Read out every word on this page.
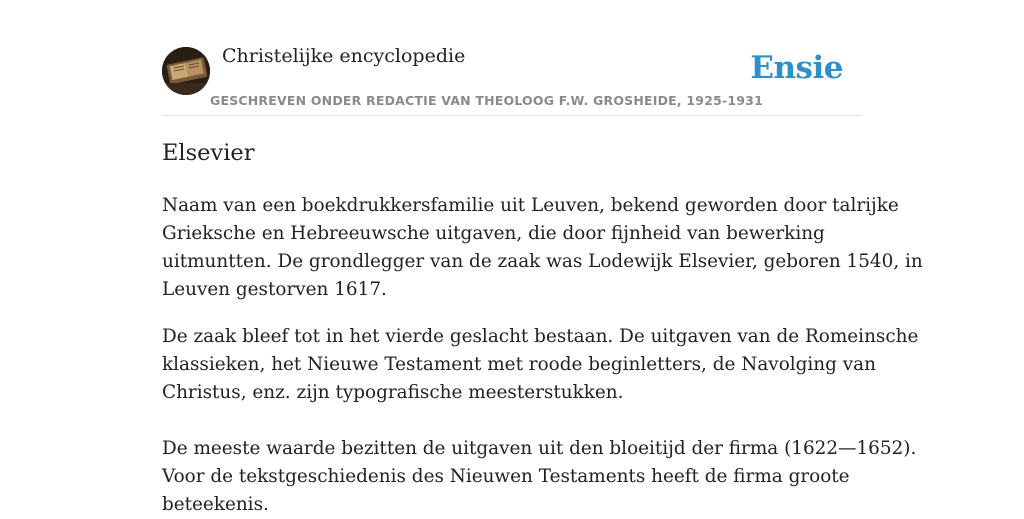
Christelijke encyclopedie
GESCHREVEN ONDER REDACTIE VAN THEOLOOG F.W. GROSHEIDE, 1925-1931
Ensie
Elsevier

Naam van een boekdrukkersfamilie uit Leuven, bekend geworden door talrijke
Grieksche en Hebreeuwsche uitgaven, die door fijnheid van bewerking
uitmuntten. De grondlegger van de zaak was Lodewijk Elsevier, geboren 1540, in
Leuven gestorven 1617.

De zaak bleef tot in het vierde geslacht bestaan. De uitgaven van de Romeinsche
klassieken, het Nieuwe Testament met roode beginletters, de Navolging van
Christus, enz. zijn typografische meesterstukken.

De meeste waarde bezitten de uitgaven uit den bloeitijd der firma (1622—1652).
Voor de tekstgeschiedenis des Nieuwen Testaments heeft de firma groote
beteekenis.
